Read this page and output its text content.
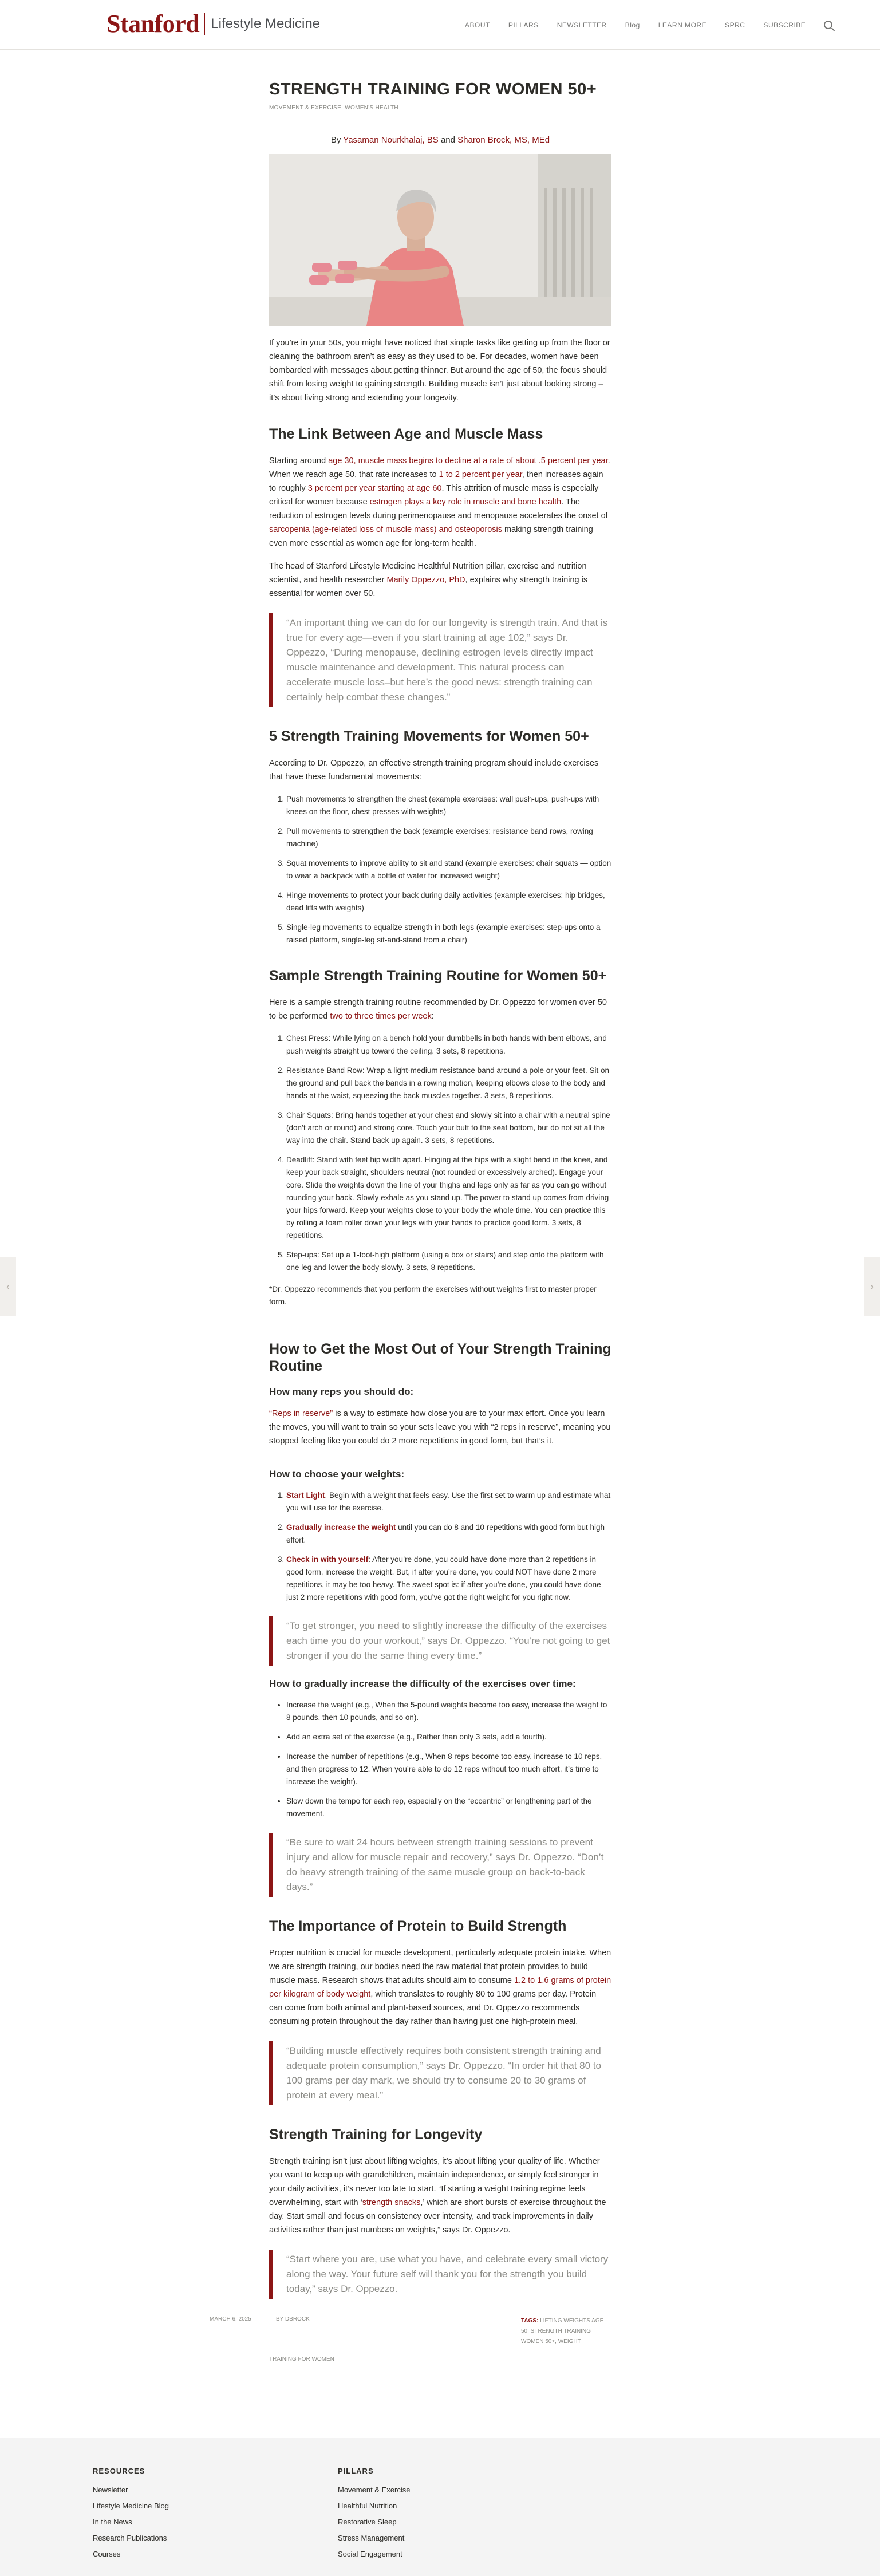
Stanford Lifestyle Medicine	ABOUT	PILLARS	NEWSLETTER	Blog	LEARN MORE	SPRC	SUBSCRIBE
‹	›
STRENGTH TRAINING FOR WOMEN 50+
MOVEMENT & EXERCISE, WOMEN'S HEALTH
By Yasaman Nourkhalaj, BS and Sharon Brock, MS, MEd

If you’re in your 50s, you might have noticed that simple tasks like getting up from the floor or cleaning the bathroom aren’t as easy as they used to be. For decades, women have been bombarded with messages about getting thinner. But around the age of 50, the focus should shift from losing weight to gaining strength. Building muscle isn’t just about looking strong – it’s about living strong and extending your longevity.

The Link Between Age and Muscle Mass

Starting around age 30, muscle mass begins to decline at a rate of about .5 percent per year. When we reach age 50, that rate increases to 1 to 2 percent per year, then increases again to roughly 3 percent per year starting at age 60. This attrition of muscle mass is especially critical for women because estrogen plays a key role in muscle and bone health. The reduction of estrogen levels during perimenopause and menopause accelerates the onset of sarcopenia (age-related loss of muscle mass) and osteoporosis making strength training even more essential as women age for long-term health.

The head of Stanford Lifestyle Medicine Healthful Nutrition pillar, exercise and nutrition scientist, and health researcher Marily Oppezzo, PhD, explains why strength training is essential for women over 50.

“An important thing we can do for our longevity is strength train. And that is true for every age—even if you start training at age 102,” says Dr. Oppezzo, “During menopause, declining estrogen levels directly impact muscle maintenance and development. This natural process can accelerate muscle loss–but here’s the good news: strength training can certainly help combat these changes.”
5 Strength Training Movements for Women 50+

According to Dr. Oppezzo, an effective strength training program should include exercises that have these fundamental movements:

1. Push movements to strengthen the chest (example exercises: wall push-ups, push-ups with knees on the floor, chest presses with weights)
2. Pull movements to strengthen the back (example exercises: resistance band rows, rowing machine)
3. Squat movements to improve ability to sit and stand (example exercises: chair squats — option to wear a backpack with a bottle of water for increased weight)
4. Hinge movements to protect your back during daily activities (example exercises: hip bridges, dead lifts with weights)
5. Single-leg movements to equalize strength in both legs (example exercises: step-ups onto a raised platform, single-leg sit-and-stand from a chair)
Sample Strength Training Routine for Women 50+

Here is a sample strength training routine recommended by Dr. Oppezzo for women over 50 to be performed two to three times per week:

1. Chest Press: While lying on a bench hold your dumbbells in both hands with bent elbows, and push weights straight up toward the ceiling. 3 sets, 8 repetitions.
2. Resistance Band Row: Wrap a light-medium resistance band around a pole or your feet. Sit on the ground and pull back the bands in a rowing motion, keeping elbows close to the body and hands at the waist, squeezing the back muscles together. 3 sets, 8 repetitions.
3. Chair Squats: Bring hands together at your chest and slowly sit into a chair with a neutral spine (don’t arch or round) and strong core. Touch your butt to the seat bottom, but do not sit all the way into the chair. Stand back up again. 3 sets, 8 repetitions.
4. Deadlift: Stand with feet hip width apart. Hinging at the hips with a slight bend in the knee, and keep your back straight, shoulders neutral (not rounded or excessively arched). Engage your core. Slide the weights down the line of your thighs and legs only as far as you can go without rounding your back. Slowly exhale as you stand up. The power to stand up comes from driving your hips forward. Keep your weights close to your body the whole time. You can practice this by rolling a foam roller down your legs with your hands to practice good form. 3 sets, 8 repetitions.
5. Step-ups: Set up a 1-foot-high platform (using a box or stairs) and step onto the platform with one leg and lower the body slowly. 3 sets, 8 repetitions.

*Dr. Oppezzo recommends that you perform the exercises without weights first to master proper form.

How to Get the Most Out of Your Strength Training Routine
How many reps you should do:

“Reps in reserve” is a way to estimate how close you are to your max effort. Once you learn the moves, you will want to train so your sets leave you with “2 reps in reserve”, meaning you stopped feeling like you could do 2 more repetitions in good form, but that’s it.

How to choose your weights:
1. Start Light. Begin with a weight that feels easy. Use the first set to warm up and estimate what you will use for the exercise.
2. Gradually increase the weight until you can do 8 and 10 repetitions with good form but high effort.
3. Check in with yourself: After you’re done, you could have done more than 2 repetitions in good form, increase the weight. But, if after you’re done, you could NOT have done 2 more repetitions, it may be too heavy. The sweet spot is: if after you’re done, you could have done just 2 more repetitions with good form, you’ve got the right weight for you right now.
“To get stronger, you need to slightly increase the difficulty of the exercises each time you do your workout,” says Dr. Oppezzo. “You’re not going to get stronger if you do the same thing every time.”
How to gradually increase the difficulty of the exercises over time:
• Increase the weight (e.g., When the 5-pound weights become too easy, increase the weight to 8 pounds, then 10 pounds, and so on).
• Add an extra set of the exercise (e.g., Rather than only 3 sets, add a fourth).
• Increase the number of repetitions (e.g., When 8 reps become too easy, increase to 10 reps, and then progress to 12. When you’re able to do 12 reps without too much effort, it’s time to increase the weight).
• Slow down the tempo for each rep, especially on the “eccentric” or lengthening part of the movement.
“Be sure to wait 24 hours between strength training sessions to prevent injury and allow for muscle repair and recovery,” says Dr. Oppezzo. “Don’t do heavy strength training of the same muscle group on back-to-back days.”
The Importance of Protein to Build Strength

Proper nutrition is crucial for muscle development, particularly adequate protein intake. When we are strength training, our bodies need the raw material that protein provides to build muscle mass. Research shows that adults should aim to consume 1.2 to 1.6 grams of protein per kilogram of body weight, which translates to roughly 80 to 100 grams per day. Protein can come from both animal and plant-based sources, and Dr. Oppezzo recommends consuming protein throughout the day rather than having just one high-protein meal.

“Building muscle effectively requires both consistent strength training and adequate protein consumption,” says Dr. Oppezzo. “In order hit that 80 to 100 grams per day mark, we should try to consume 20 to 30 grams of protein at every meal.”
Strength Training for Longevity

Strength training isn’t just about lifting weights, it’s about lifting your quality of life. Whether you want to keep up with grandchildren, maintain independence, or simply feel stronger in your daily activities, it’s never too late to start. “If starting a weight training regime feels overwhelming, start with ‘strength snacks,’ which are short bursts of exercise throughout the day. Start small and focus on consistency over intensity, and track improvements in daily activities rather than just numbers on weights,” says Dr. Oppezzo.

“Start where you are, use what you have, and celebrate every small victory along the way. Your future self will thank you for the strength you build today,” says Dr. Oppezzo.
MARCH 6, 2025	BY DBROCK	TAGS: LIFTING WEIGHTS AGE 50, STRENGTH TRAINING WOMEN 50+, WEIGHT
TRAINING FOR WOMEN
RESOURCES
Newsletter
Lifestyle Medicine Blog
In the News
Research Publications
Courses
PILLARS
Movement & Exercise
Healthful Nutrition
Restorative Sleep
Stress Management
Social Engagement
